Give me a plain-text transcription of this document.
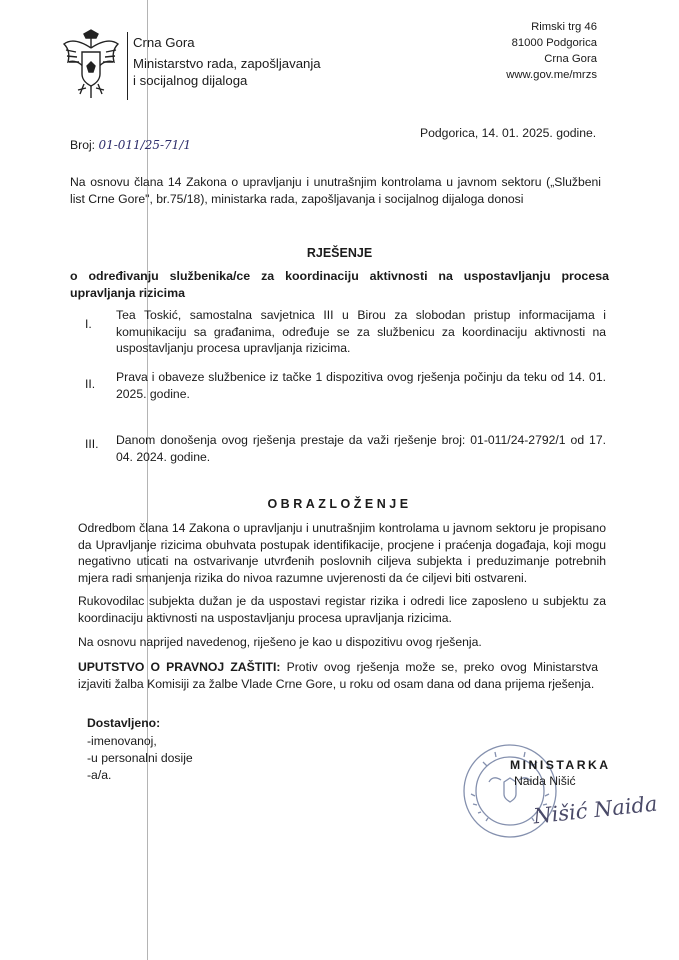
Crna Gora
Ministarstvo rada, zapošljavanja
i socijalnog dijaloga
Rimski trg 46
81000 Podgorica
Crna Gora
www.gov.me/mrzs
Broj: 01-011/25-71/1
Podgorica, 14. 01. 2025. godine.
Na osnovu člana 14 Zakona o upravljanju i unutrašnjim kontrolama u javnom sektoru („Službeni list Crne Gore", br.75/18), ministarka rada, zapošljavanja i socijalnog dijaloga donosi
RJEŠENJE
o određivanju službenika/ce za koordinaciju aktivnosti na uspostavljanju procesa upravljanja rizicima
I.
Tea Toskić, samostalna savjetnica III u Birou za slobodan pristup informacijama i komunikaciju sa građanima, određuje se za službenicu za koordinaciju aktivnosti na uspostavljanju procesa upravljanja rizicima.
II. Prava i obaveze službenice iz tačke 1 dispozitiva ovog rješenja počinju da teku od 14. 01. 2025. godine.
III. Danom donošenja ovog rješenja prestaje da važi rješenje broj: 01-011/24-2792/1 od 17. 04. 2024. godine.
OBRAZLOŽENJE
Odredbom člana 14 Zakona o upravljanju i unutrašnjim kontrolama u javnom sektoru je propisano da Upravljanje rizicima obuhvata postupak identifikacije, procjene i praćenja događaja, koji mogu negativno uticati na ostvarivanje utvrđenih poslovnih ciljeva subjekta i preduzimanje potrebnih mjera radi smanjenja rizika do nivoa razumne uvjerenosti da će ciljevi biti ostvareni.
Rukovodilac subjekta dužan je da uspostavi registar rizika i odredi lice zaposleno u subjektu za koordinaciju aktivnosti na uspostavljanju procesa upravljanja rizicima.
Na osnovu naprijed navedenog, riješeno je kao u dispozitivu ovog rješenja.
UPUTSTVO O PRAVNOJ ZAŠTITI: Protiv ovog rješenja može se, preko ovog Ministarstva izjaviti žalba Komisiji za žalbe Vlade Crne Gore, u roku od osam dana od dana prijema rješenja.
Dostavljeno:
-imenovanoj,
-u personalni dosije
-a/a.
MINISTARKA
Naida Nišić
Nišić Naida
